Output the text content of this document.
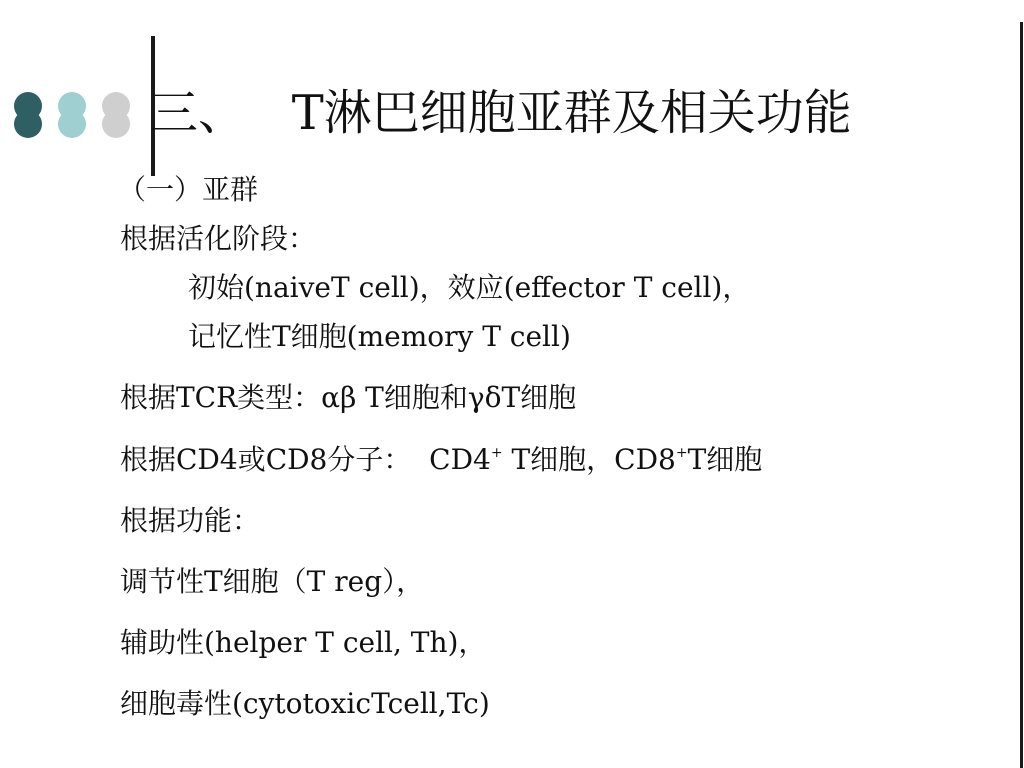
三、   T淋巴细胞亚群及相关功能
（一）亚群
根据活化阶段：
初始(naiveT cell)，效应(effector T cell)，
记忆性T细胞(memory T cell)
根据TCR类型：αβ T细胞和γδT细胞
根据CD4或CD8分子：  CD4+ T细胞，CD8+T细胞
根据功能：
调节性T细胞（T reg），
辅助性(helper T cell, Th)，
细胞毒性(cytotoxicTcell,Tc)
